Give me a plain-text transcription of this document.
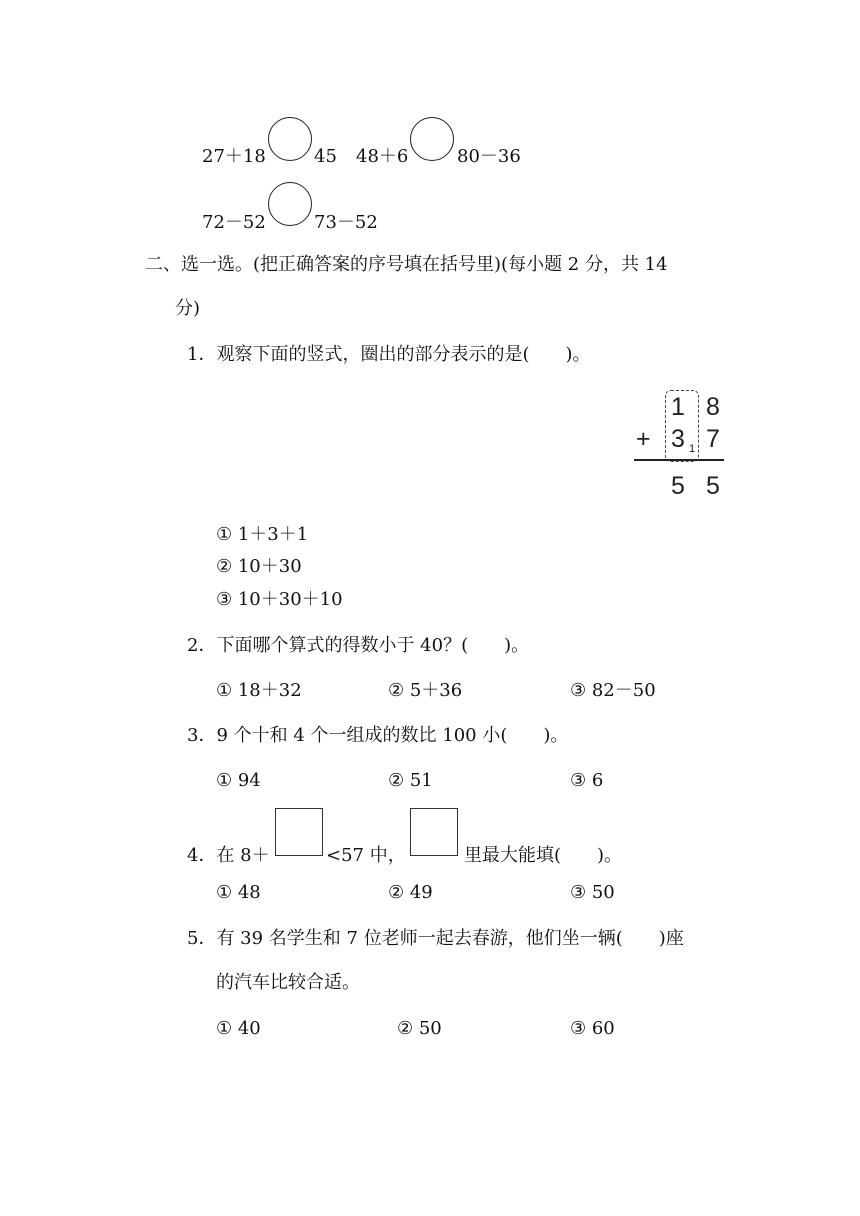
27＋18	45 48＋6	80－36
72－52	73－52
二、选一选。(把正确答案的序号填在括号里)(每小题 2 分，共 14
分)
1．观察下面的竖式，圈出的部分表示的是(　　)。
1 8
+ 3 1 7
5 5
① 1＋3＋1
② 10＋30
③ 10＋30＋10
2．下面哪个算式的得数小于 40？(　　)。
① 18＋32	② 5＋36	③ 82－50
3．9 个十和 4 个一组成的数比 100 小(　　)。
① 94	② 51	③ 6
4．在 8＋	<57 中，	里最大能填(　　)。
① 48	② 49	③ 50
5．有 39 名学生和 7 位老师一起去春游，他们坐一辆(　　)座
的汽车比较合适。
① 40	② 50	③ 60
